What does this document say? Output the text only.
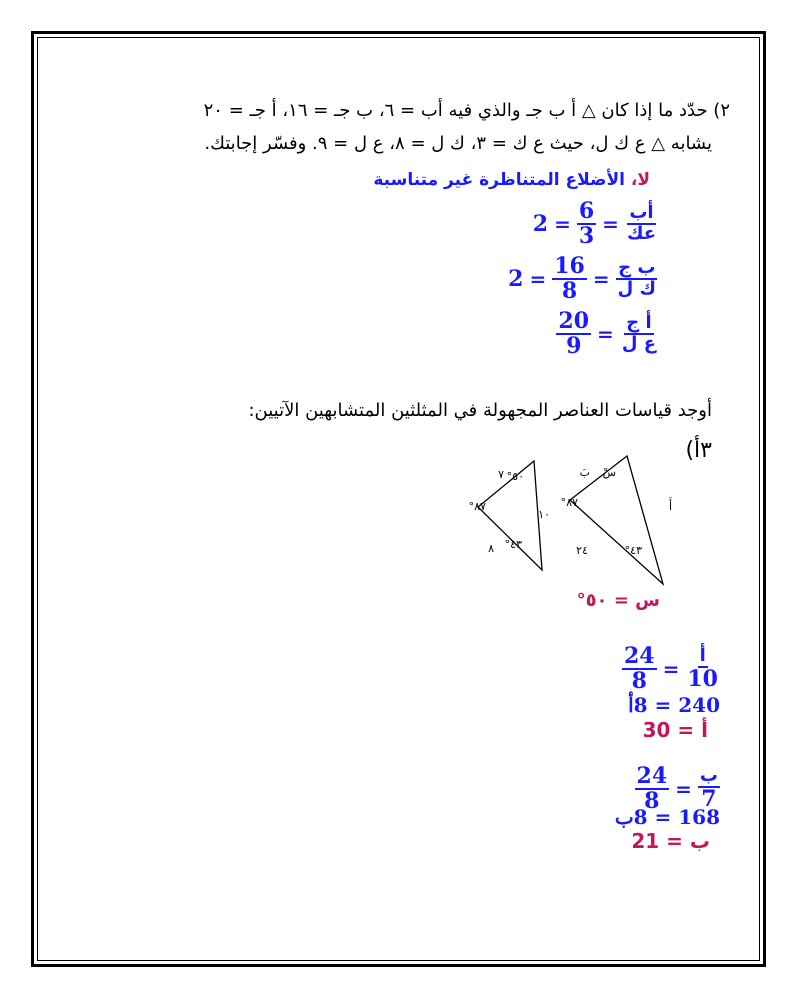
٢) حدّد ما إذا كان △ أ ب جـ والذي فيه أب = ٦، ب جـ = ١٦، أ جـ = ٢٠
يشابه △ ع ك ل، حيث ع ك = ٣، ك ل = ٨، ع ل = ٩. وفسّر إجابتك.
لا، الأضلاع المتناظرة غير متناسبة
$\frac{\text{أب}}{\text{عك}}$
=
$\frac{6}{3}$
=
2
$\frac{\text{ب ج}}{\text{ك ل}}$
=
$\frac{16}{8}$
=
2
$\frac{\text{أ ج}}{\text{ع ل}}$
=
$\frac{20}{9}$
أوجد قياسات العناصر المجهولة في المثلثين المتشابهين الآتيين:
٣أ)
٧
٨
١٠
٥٠°
٨٧°
٤٣°
بَ
٢٤
أَ
سْ
٨٧°
٤٣°
س = ٥٠°
$\frac{\text{أ}}{10}$
=
$\frac{24}{8}$
240 = 8أ
أ = 30
$\frac{\text{ب}}{7}$
=
$\frac{24}{8}$
168 = 8ب
ب = 21
